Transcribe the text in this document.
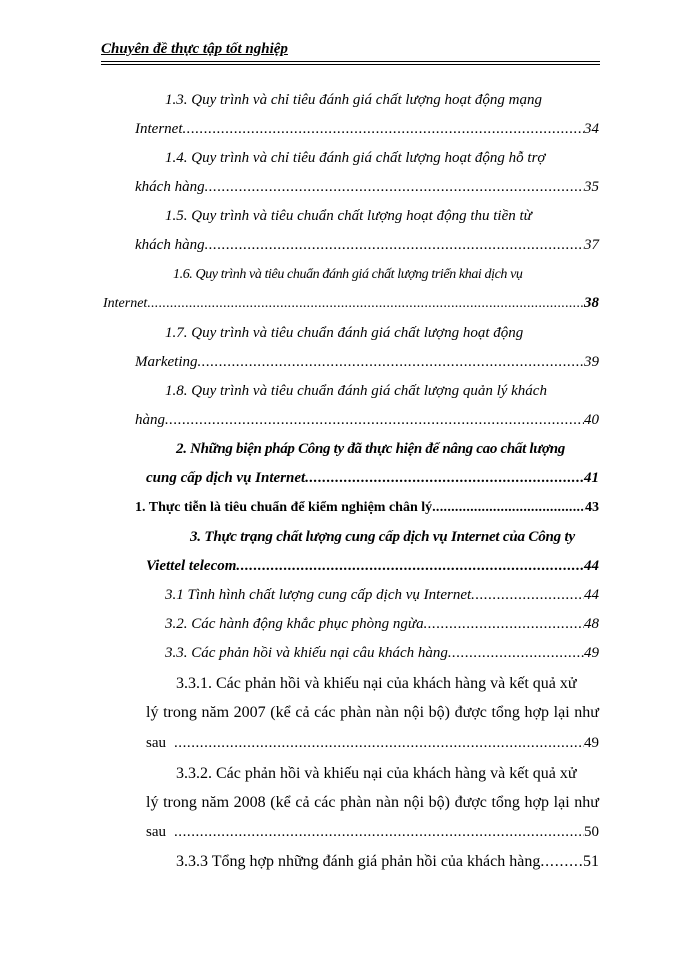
Chuyên đề thực tập tốt nghiệp
1.3. Quy trình và chỉ tiêu đánh giá chất lượng hoạt động mạng
Internet . . .	34
1.4. Quy trình và chỉ tiêu đánh giá chất lượng hoạt động hỗ trợ
khách hàng . . .	35
1.5. Quy trình và tiêu chuẩn chất lượng hoạt động thu tiền từ
khách hàng . . .	37
1.6. Quy trình và tiêu chuẩn đánh giá chất lượng triển khai dịch vụ
Internet . . .	38
1.7. Quy trình và tiêu chuẩn đánh giá chất lượng hoạt động
Marketing . . .	39
1.8. Quy trình và tiêu chuẩn đánh giá chất lượng quản lý khách
hàng . . .	40
2. Những biện pháp Công ty đã thực hiện để nâng cao chất lượng
cung cấp dịch vụ Internet . . .	41
1. Thực tiễn là tiêu chuẩn để kiểm nghiệm chân lý . . .	43
3. Thực trạng chất lượng cung cấp dịch vụ Internet của Công ty
Viettel telecom . . .	44
3.1 Tình hình chất lượng cung cấp dịch vụ Internet . . .	44
3.2. Các hành động khắc phục phòng ngừa . . .	48
3.3. Các phản hồi và khiếu nại câu khách hàng . . .	49
3.3.1. Các phản hồi và khiếu nại của khách hàng và kết quả xử
lý trong năm 2007 (kể cả các phàn nàn nội bộ) được tổng hợp lại như
sau . . .	49
3.3.2. Các phản hồi và khiếu nại của khách hàng và kết quả xử
lý trong năm 2008 (kể cả các phàn nàn nội bộ) được tổng hợp lại như
sau . . .	50
3.3.3 Tổng hợp những đánh giá phản hồi của khách hàng . . .	51
